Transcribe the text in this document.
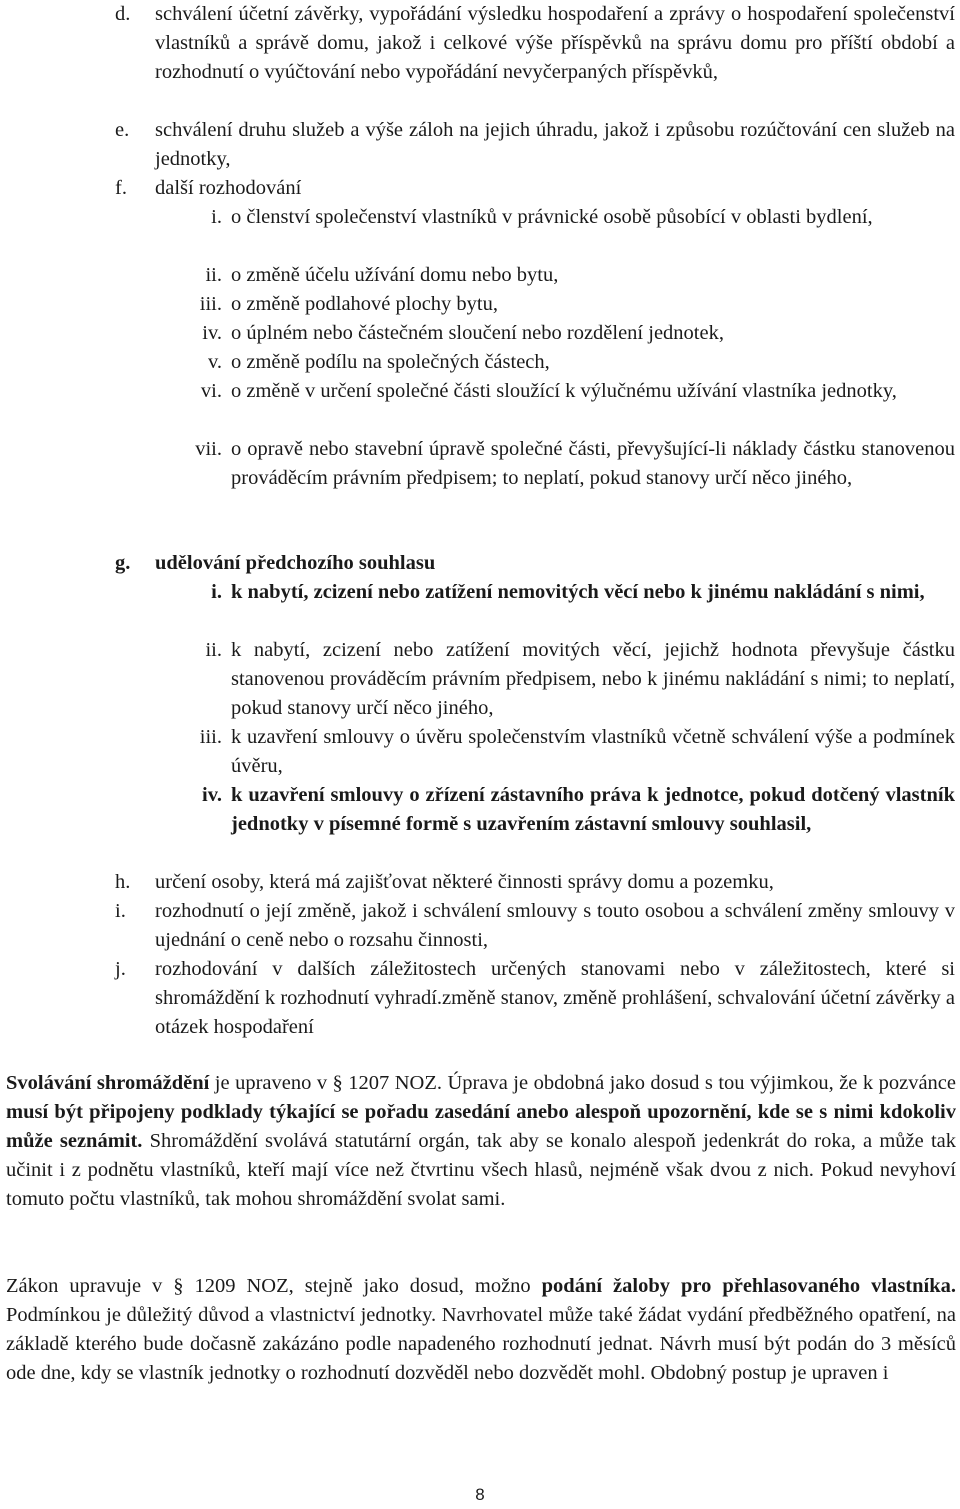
d. schválení účetní závěrky, vypořádání výsledku hospodaření a zprávy o hospodaření společenství vlastníků a správě domu, jakož i celkové výše příspěvků na správu domu pro příští období a rozhodnutí o vyúčtování nebo vypořádání nevyčerpaných příspěvků,

e. schválení druhu služeb a výše záloh na jejich úhradu, jakož i způsobu rozúčtování cen služeb na jednotky,

f. další rozhodování

i. o členství společenství vlastníků v právnické osobě působící v oblasti bydlení,

ii. o změně účelu užívání domu nebo bytu,

iii. o změně podlahové plochy bytu,

iv. o úplném nebo částečném sloučení nebo rozdělení jednotek,

v. o změně podílu na společných částech,

vi. o změně v určení společné části sloužící k výlučnému užívání vlastníka jednotky,

vii. o opravě nebo stavební úpravě společné části, převyšující-li náklady částku stanovenou prováděcím právním předpisem; to neplatí, pokud stanovy určí něco jiného,

g. udělování předchozího souhlasu

i. k nabytí, zcizení nebo zatížení nemovitých věcí nebo k jinému nakládání s nimi,

ii. k nabytí, zcizení nebo zatížení movitých věcí, jejichž hodnota převyšuje částku stanovenou prováděcím právním předpisem, nebo k jinému nakládání s nimi; to neplatí, pokud stanovy určí něco jiného,

iii. k uzavření smlouvy o úvěru společenstvím vlastníků včetně schválení výše a podmínek úvěru,

iv. k uzavření smlouvy o zřízení zástavního práva k jednotce, pokud dotčený vlastník jednotky v písemné formě s uzavřením zástavní smlouvy souhlasil,

h. určení osoby, která má zajišťovat některé činnosti správy domu a pozemku,

i. rozhodnutí o její změně, jakož i schválení smlouvy s touto osobou a schválení změny smlouvy v ujednání o ceně nebo o rozsahu činnosti,

j. rozhodování v dalších záležitostech určených stanovami nebo v záležitostech, které si shromáždění k rozhodnutí vyhradí.změně stanov, změně prohlášení, schvalování účetní závěrky a otázek hospodaření

Svolávání shromáždění je upraveno v § 1207 NOZ. Úprava je obdobná jako dosud s tou výjimkou, že k pozvánce musí být připojeny podklady týkající se pořadu zasedání anebo alespoň upozornění, kde se s nimi kdokoliv může seznámit. Shromáždění svolává statutární orgán, tak aby se konalo alespoň jedenkrát do roka, a může tak učinit i z podnětu vlastníků, kteří mají více než čtvrtinu všech hlasů, nejméně však dvou z nich. Pokud nevyhoví tomuto počtu vlastníků, tak mohou shromáždění svolat sami.

Zákon upravuje v § 1209 NOZ, stejně jako dosud, možno podání žaloby pro přehlasovaného vlastníka. Podmínkou je důležitý důvod a vlastnictví jednotky. Navrhovatel může také žádat vydání předběžného opatření, na základě kterého bude dočasně zakázáno podle napadeného rozhodnutí jednat. Návrh musí být podán do 3 měsíců ode dne, kdy se vlastník jednotky o rozhodnutí dozvěděl nebo dozvědět mohl. Obdobný postup je upraven i

8
